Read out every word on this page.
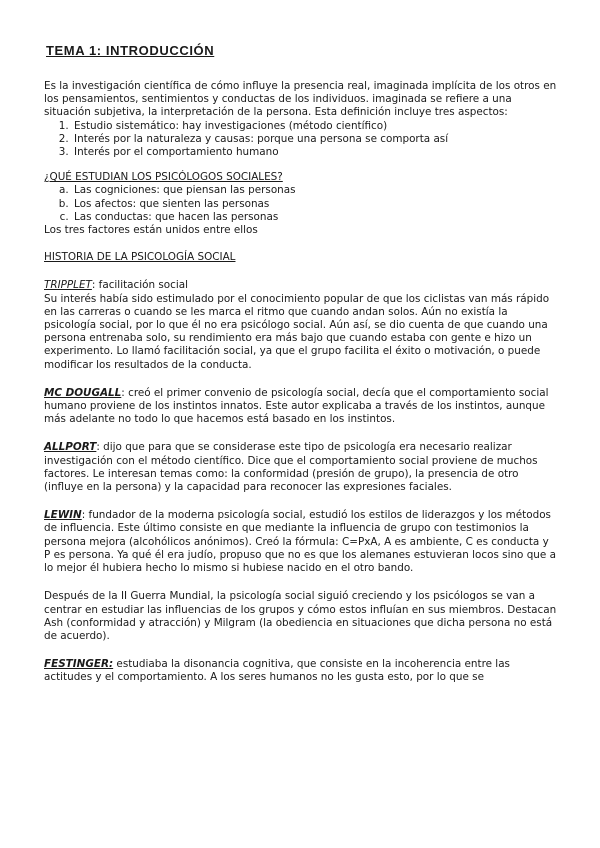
TEMA 1: INTRODUCCIÓN

Es la investigación científica de cómo influye la presencia real, imaginada implícita de los otros en los pensamientos, sentimientos y conductas de los individuos. imaginada se refiere a una situación subjetiva, la interpretación de la persona. Esta definición incluye tres aspectos:

1. Estudio sistemático: hay investigaciones (método científico)
2. Interés por la naturaleza y causas: porque una persona se comporta así
3. Interés por el comportamiento humano

¿QUÉ ESTUDIAN LOS PSICÓLOGOS SOCIALES?

a. Las cogniciones: que piensan las personas
b. Los afectos: que sienten las personas
c. Las conductas: que hacen las personas

Los tres factores están unidos entre ellos

HISTORIA DE LA PSICOLOGÍA SOCIAL

TRIPPLET: facilitación social

Su interés había sido estimulado por el conocimiento popular de que los ciclistas van más rápido en las carreras o cuando se les marca el ritmo que cuando andan solos. Aún no existía la psicología social, por lo que él no era psicólogo social. Aún así, se dio cuenta de que cuando una persona entrenaba solo, su rendimiento era más bajo que cuando estaba con gente e hizo un experimento. Lo llamó facilitación social, ya que el grupo facilita el éxito o motivación, o puede modificar los resultados de la conducta.

MC DOUGALL: creó el primer convenio de psicología social, decía que el comportamiento social humano proviene de los instintos innatos. Este autor explicaba a través de los instintos, aunque más adelante no todo lo que hacemos está basado en los instintos.

ALLPORT: dijo que para que se considerase este tipo de psicología era necesario realizar investigación con el método científico. Dice que el comportamiento social proviene de muchos factores. Le interesan temas como: la conformidad (presión de grupo), la presencia de otro (influye en la persona) y la capacidad para reconocer las expresiones faciales.

LEWIN: fundador de la moderna psicología social, estudió los estilos de liderazgos y los métodos de influencia. Este último consiste en que mediante la influencia de grupo con testimonios la persona mejora (alcohólicos anónimos). Creó la fórmula: C=PxA, A es ambiente, C es conducta y P es persona. Ya qué él era judío, propuso que no es que los alemanes estuvieran locos sino que a lo mejor él hubiera hecho lo mismo si hubiese nacido en el otro bando.

Después de la II Guerra Mundial, la psicología social siguió creciendo y los psicólogos se van a centrar en estudiar las influencias de los grupos y cómo estos influían en sus miembros. Destacan Ash (conformidad y atracción) y Milgram (la obediencia en situaciones que dicha persona no está de acuerdo).

FESTINGER: estudiaba la disonancia cognitiva, que consiste en la incoherencia entre las actitudes y el comportamiento. A los seres humanos no les gusta esto, por lo que se
